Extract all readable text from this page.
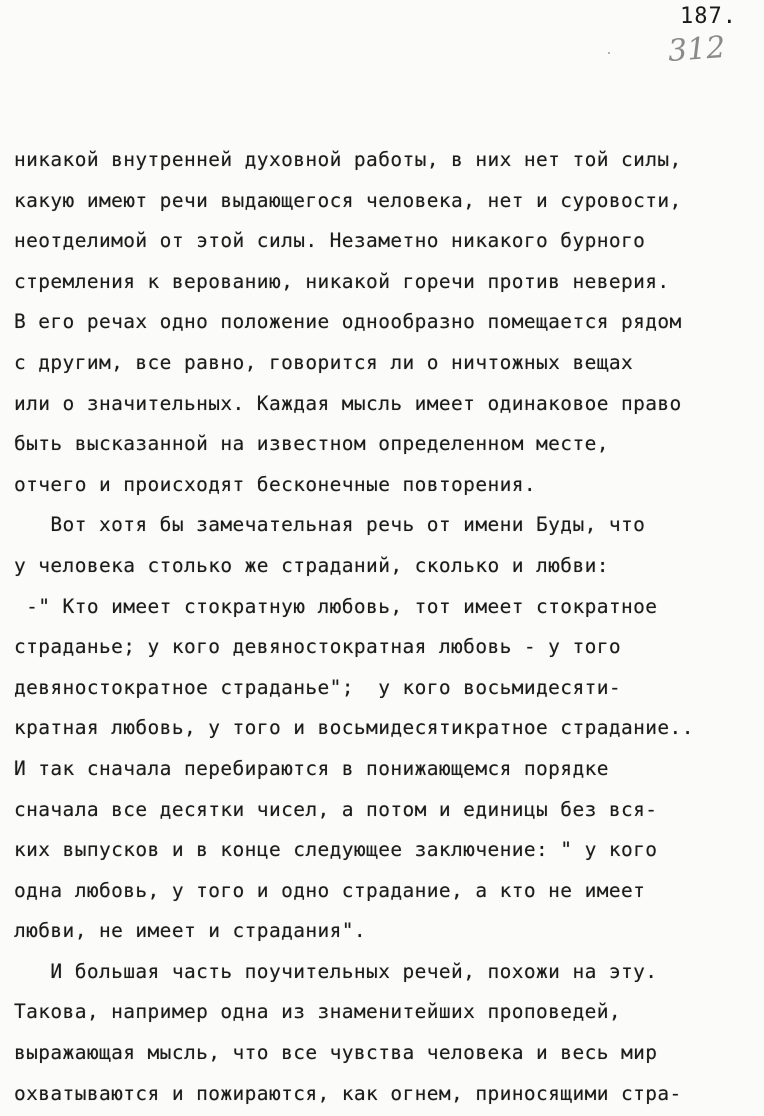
187.
312
никакой внутренней духовной работы, в них нет той силы,
какую имеют речи выдающегося человека, нет и суровости,
неотделимой от этой силы. Незаметно никакого бурного
стремления к верованию, никакой горечи против неверия.
В его речах одно положение однообразно помещается рядом
с другим, все равно, говорится ли о ничтожных вещах
или о значительных. Каждая мысль имеет одинаковое право
быть высказанной на известном определенном месте,
отчего и происходят бесконечные повторения.
Вот хотя бы замечательная речь от имени Буды, что
у человека столько же страданий, сколько и любви:
-" Кто имеет стократную любовь, тот имеет стократное
страданье; у кого девяностократная любовь - у того
девяностократное страданье";  у кого восьмидесяти-
кратная любовь, у того и восьмидесятикратное страдание..
И так сначала перебираются в понижающемся порядке
сначала все десятки чисел, а потом и единицы без вся-
ких выпусков и в конце следующее заключение: " у кого
одна любовь, у того и одно страдание, а кто не имеет
любви, не имеет и страдания".
И большая часть поучительных речей, похожи на эту.
Такова, например одна из знаменитейших проповедей,
выражающая мысль, что все чувства человека и весь мир
охватываются и пожираются, как огнем, приносящими стра-
